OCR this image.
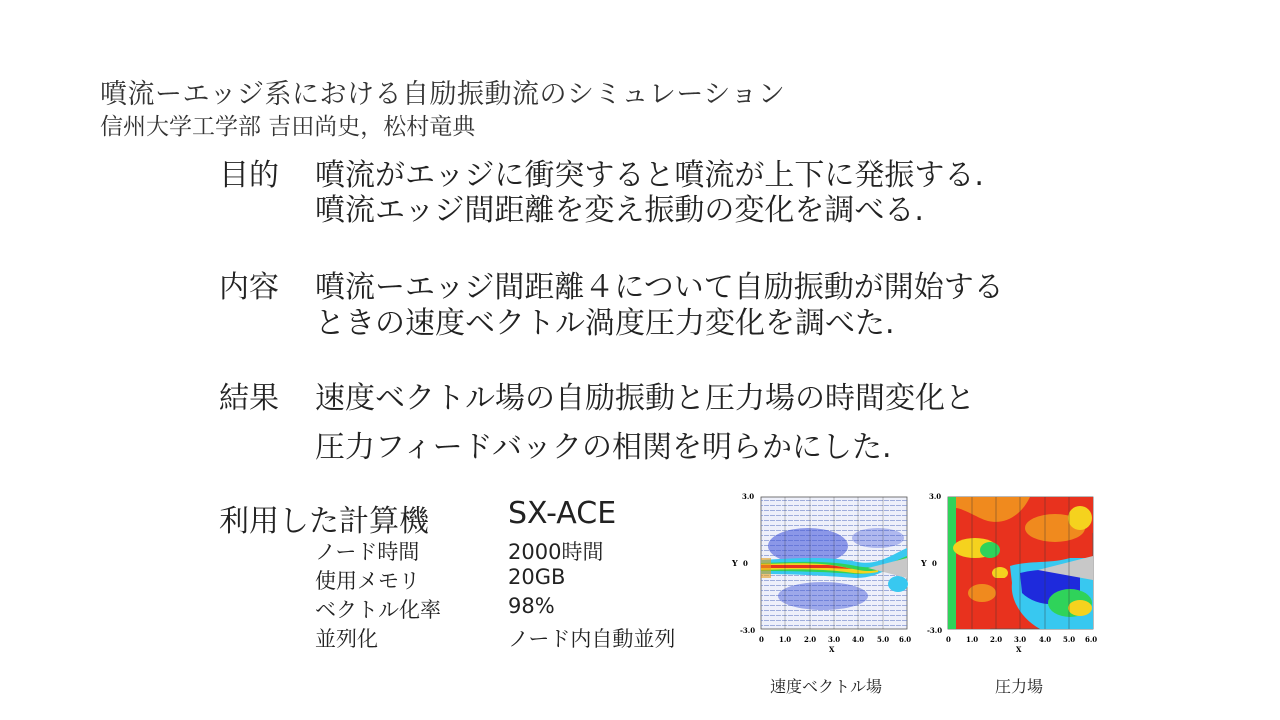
噴流ーエッジ系における自励振動流のシミュレーション
信州大学工学部 吉田尚史，松村竜典
目的 噴流がエッジに衝突すると噴流が上下に発振する.
噴流エッジ間距離を変え振動の変化を調べる.
内容 噴流ーエッジ間距離４について自励振動が開始する
ときの速度ベクトル渦度圧力変化を調べた.
結果 速度ベクトル場の自励振動と圧力場の時間変化と
圧力フィードバックの相関を明らかにした.
利用した計算機	SX-ACE
ノード時間	2000時間
使用メモリ	20GB
ベクトル化率	98%
並列化	ノード内自動並列
3.0
Y 0
-3.0
0 1.0 2.0 3.0 4.0 5.0 6.0
X
3.0
Y 0
-3.0
0 1.0 2.0 3.0 4.0 5.0 6.0
X
速度ベクトル場	圧力場
